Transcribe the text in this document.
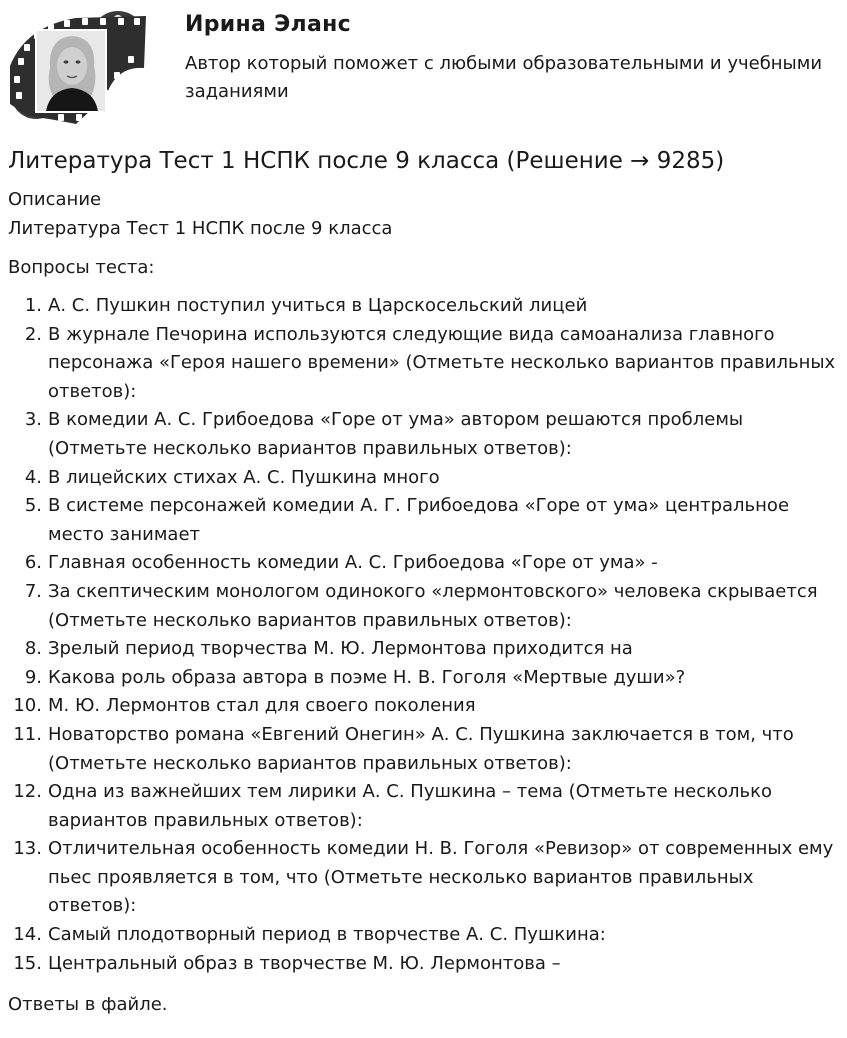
Ирина Эланс
Автор который поможет с любыми образовательными и учебными заданиями
Литература Тест 1 НСПК после 9 класса (Решение → 9285)
Описание
Литература Тест 1 НСПК после 9 класса
Вопросы теста:
1. А. С. Пушкин поступил учиться в Царскосельский лицей
2. В журнале Печорина используются следующие вида самоанализа главного персонажа «Героя нашего времени» (Отметьте несколько вариантов правильных ответов):
3. В комедии А. С. Грибоедова «Горе от ума» автором решаются проблемы (Отметьте несколько вариантов правильных ответов):
4. В лицейских стихах А. С. Пушкина много
5. В системе персонажей комедии А. Г. Грибоедова «Горе от ума» центральное место занимает
6. Главная особенность комедии А. С. Грибоедова «Горе от ума» -
7. За скептическим монологом одинокого «лермонтовского» человека скрывается (Отметьте несколько вариантов правильных ответов):
8. Зрелый период творчества М. Ю. Лермонтова приходится на
9. Какова роль образа автора в поэме Н. В. Гоголя «Мертвые души»?
10. М. Ю. Лермонтов стал для своего поколения
11. Новаторство романа «Евгений Онегин» А. С. Пушкина заключается в том, что (Отметьте несколько вариантов правильных ответов):
12. Одна из важнейших тем лирики А. С. Пушкина – тема (Отметьте несколько вариантов правильных ответов):
13. Отличительная особенность комедии Н. В. Гоголя «Ревизор» от современных ему пьес проявляется в том, что (Отметьте несколько вариантов правильных ответов):
14. Самый плодотворный период в творчестве А. С. Пушкина:
15. Центральный образ в творчестве М. Ю. Лермонтова –
Ответы в файле.
